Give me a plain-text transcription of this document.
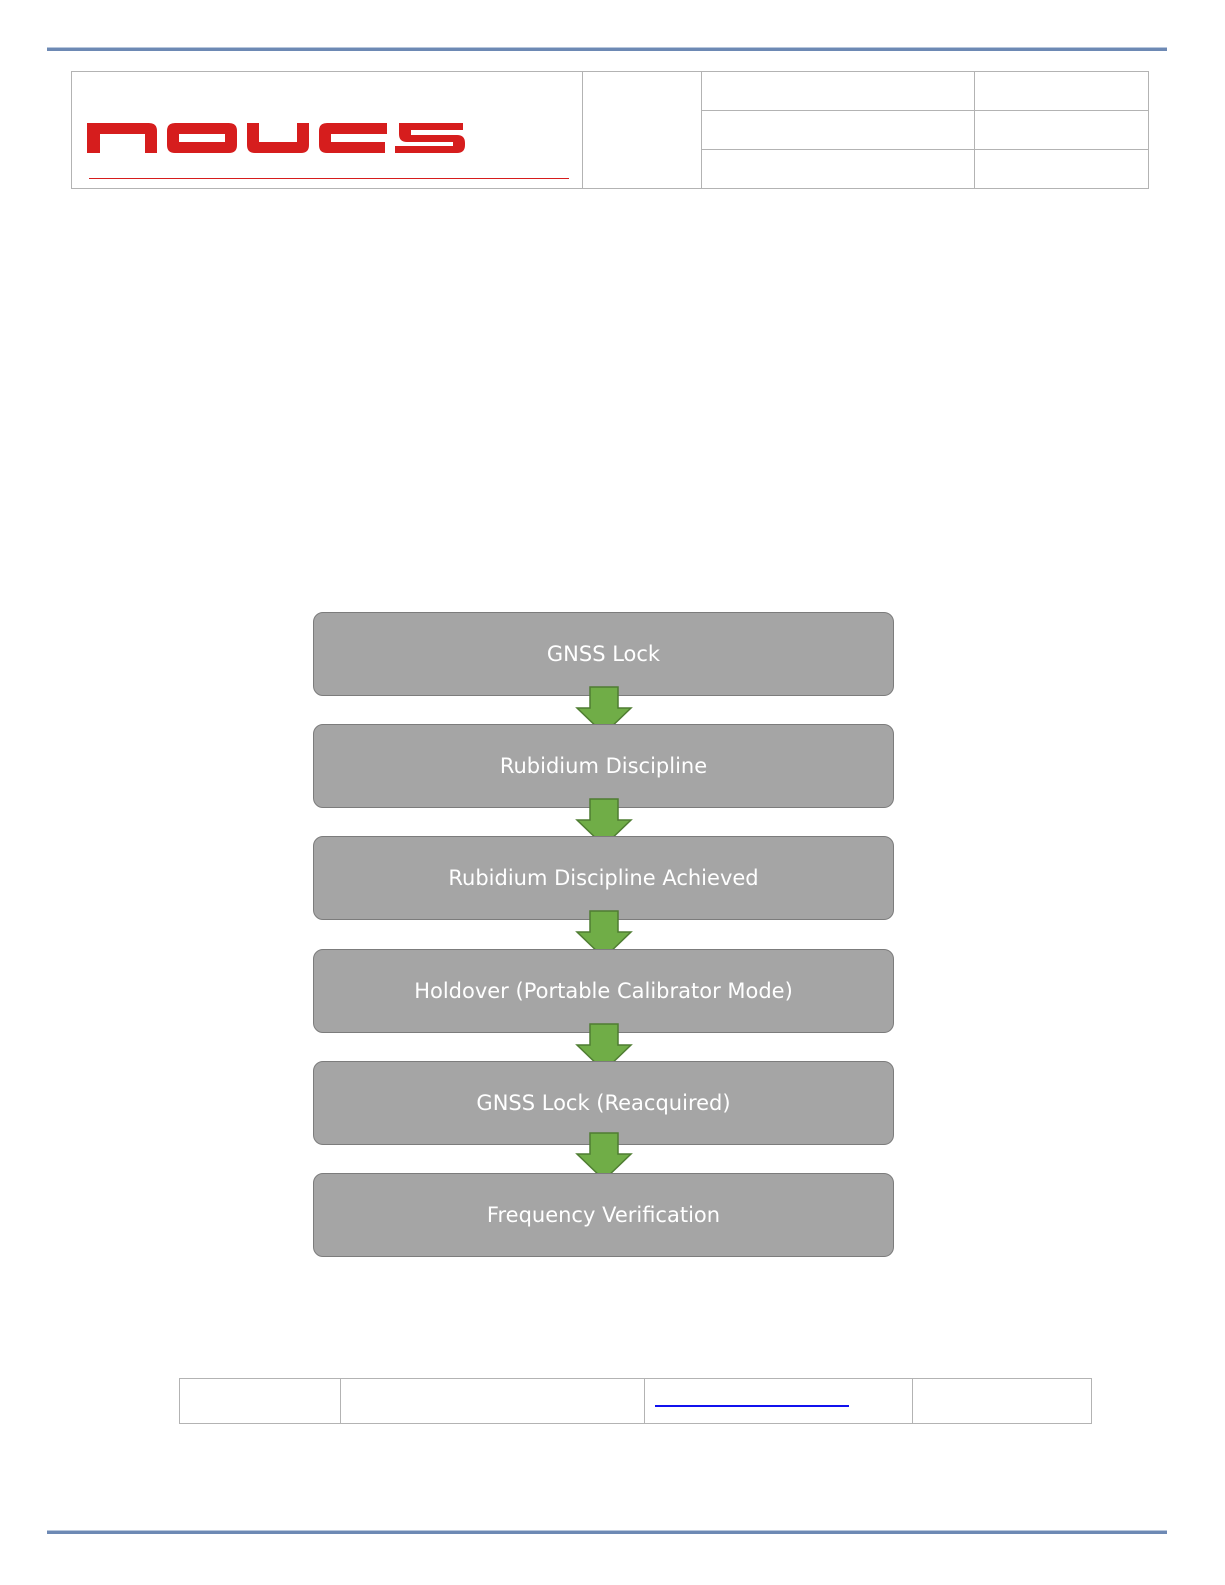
GNSS Lock
Rubidium Discipline
Rubidium Discipline Achieved
Holdover (Portable Calibrator Mode)
GNSS Lock (Reacquired)
Frequency Verification
